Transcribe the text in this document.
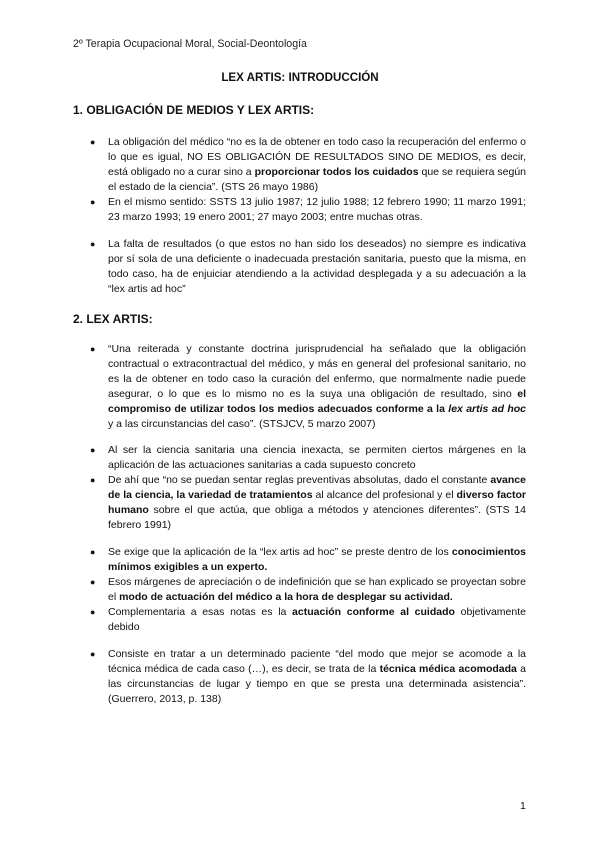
2º Terapia Ocupacional Moral, Social-Deontología
LEX ARTIS: INTRODUCCIÓN
1. OBLIGACIÓN DE MEDIOS Y LEX ARTIS:
● La obligación del médico “no es la de obtener en todo caso la recuperación del enfermo o lo que es igual, NO ES OBLIGACIÓN DE RESULTADOS SINO DE MEDIOS, es decir, está obligado no a curar sino a proporcionar todos los cuidados que se requiera según el estado de la ciencia”. (STS 26 mayo 1986)
● En el mismo sentido: SSTS 13 julio 1987; 12 julio 1988; 12 febrero 1990; 11 marzo 1991; 23 marzo 1993; 19 enero 2001; 27 mayo 2003; entre muchas otras.
● La falta de resultados (o que estos no han sido los deseados) no siempre es indicativa por sí sola de una deficiente o inadecuada prestación sanitaria, puesto que la misma, en todo caso, ha de enjuiciar atendiendo a la actividad desplegada y a su adecuación a la “lex artis ad hoc”
2. LEX ARTIS:
● “Una reiterada y constante doctrina jurisprudencial ha señalado que la obligación contractual o extracontractual del médico, y más en general del profesional sanitario, no es la de obtener en todo caso la curación del enfermo, que normalmente nadie puede asegurar, o lo que es lo mismo no es la suya una obligación de resultado, sino el compromiso de utilizar todos los medios adecuados conforme a la lex artis ad hoc y a las circunstancias del caso”. (STSJCV, 5 marzo 2007)
● Al ser la ciencia sanitaria una ciencia inexacta, se permiten ciertos márgenes en la aplicación de las actuaciones sanitarias a cada supuesto concreto
● De ahí que “no se puedan sentar reglas preventivas absolutas, dado el constante avance de la ciencia, la variedad de tratamientos al alcance del profesional y el diverso factor humano sobre el que actúa, que obliga a métodos y atenciones diferentes”. (STS 14 febrero 1991)
● Se exige que la aplicación de la “lex artis ad hoc” se preste dentro de los conocimientos mínimos exigibles a un experto.
● Esos márgenes de apreciación o de indefinición que se han explicado se proyectan sobre el modo de actuación del médico a la hora de desplegar su actividad.
● Complementaria a esas notas es la actuación conforme al cuidado objetivamente debido
● Consiste en tratar a un determinado paciente “del modo que mejor se acomode a la técnica médica de cada caso (…), es decir, se trata de la técnica médica acomodada a las circunstancias de lugar y tiempo en que se presta una determinada asistencia”. (Guerrero, 2013, p. 138)
1
